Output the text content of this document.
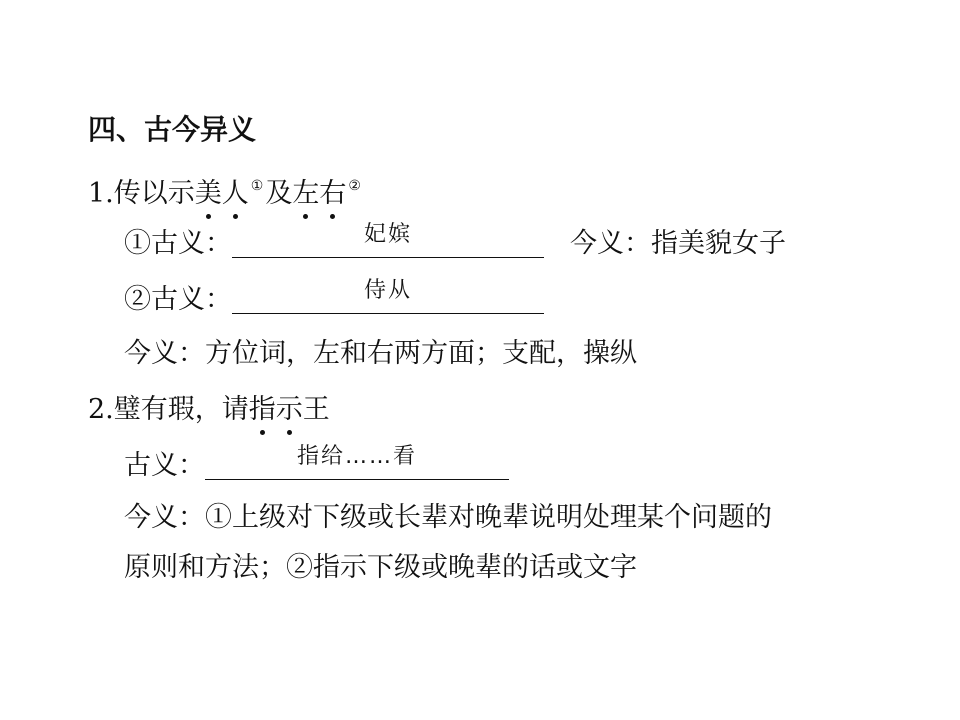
四、古今异义
1.传以示美人 ①及左右 ②
①古义：	妃嫔	今义：指美貌女子
②古义：	侍从
今义：方位词，左和右两方面；支配，操纵
2.璧有瑕，请指示王
古义：	指给……看
今义：①上级对下级或长辈对晚辈说明处理某个问题的
原则和方法；②指示下级或晚辈的话或文字
